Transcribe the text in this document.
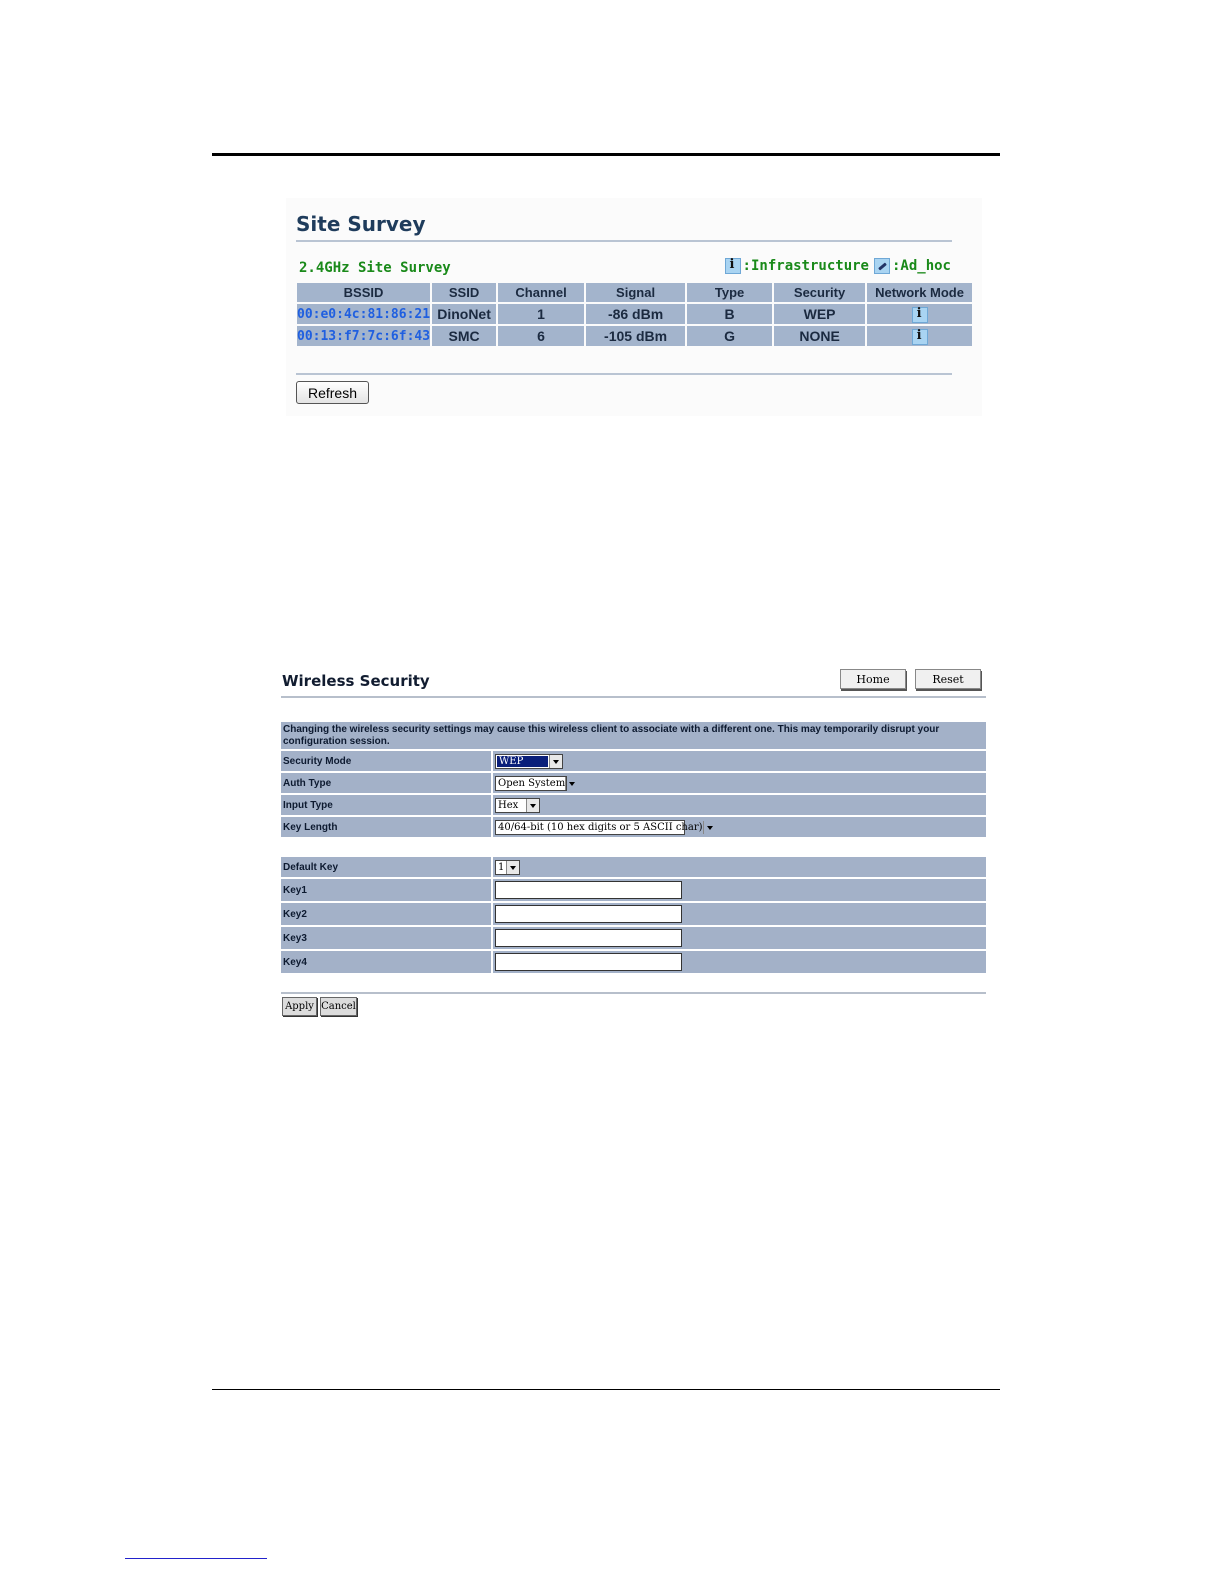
Site Survey
2.4GHz Site Survey i	:Infrastructure :Ad_hoc
BSSID	SSID	Channel	Signal	Type	Security	Network Mode
00:e0:4c:81:86:21	DinoNet	1	-86 dBm	B	WEP	i
00:13:f7:7c:6f:43	SMC	6	-105 dBm	G	NONE	i
Refresh
Wireless Security	Home	Reset
Changing the wireless security settings may cause this wireless client to associate with a different one. This may temporarily disrupt your configuration session.
Security Mode	WEP
Auth Type	Open System
Input Type	Hex
Key Length	40/64-bit (10 hex digits or 5 ASCII char)
Default Key	1
Key1
Key2
Key3
Key4
Apply Cancel
